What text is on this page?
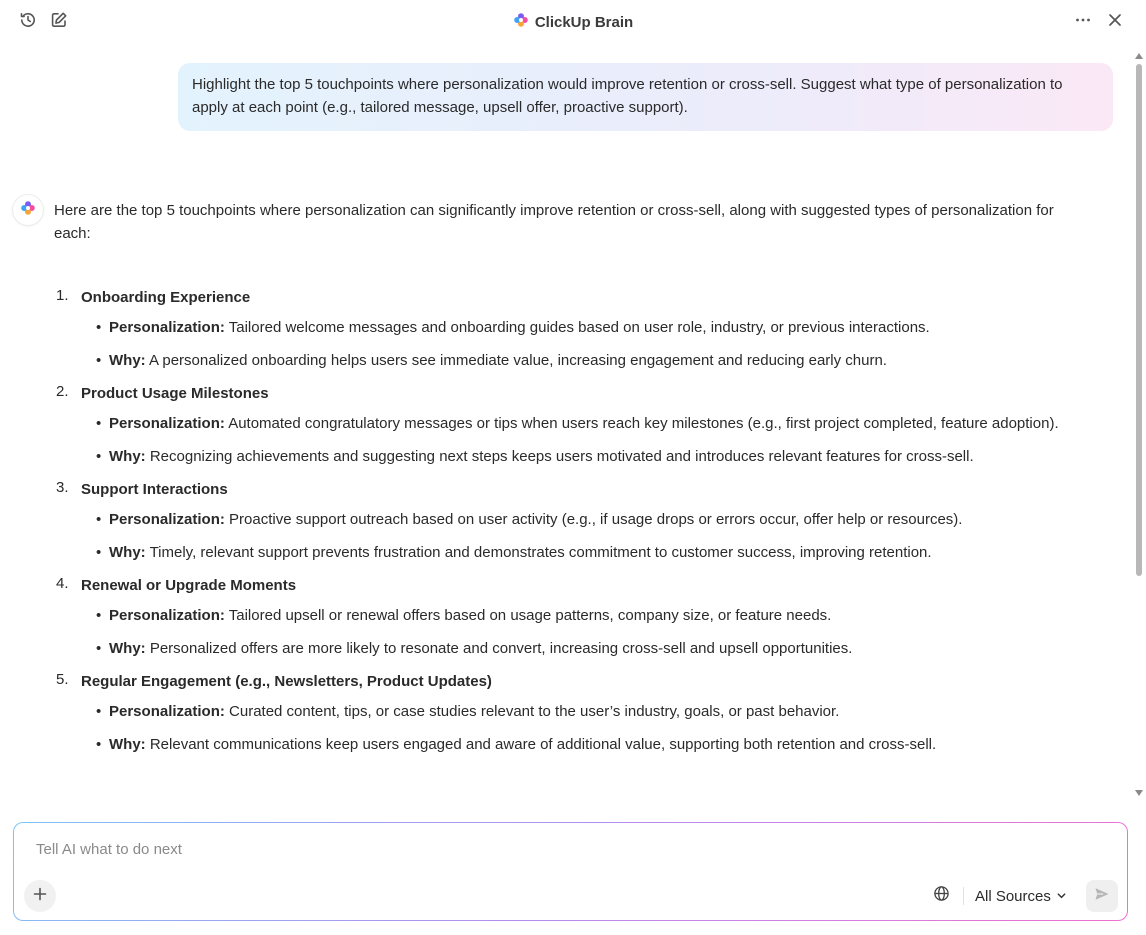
ClickUp Brain
Highlight the top 5 touchpoints where personalization would improve retention or cross-sell. Suggest what type of personalization to apply at each point (e.g., tailored message, upsell offer, proactive support).
Here are the top 5 touchpoints where personalization can significantly improve retention or cross-sell, along with suggested types of personalization for each:
1. Onboarding Experience
• Personalization: Tailored welcome messages and onboarding guides based on user role, industry, or previous interactions.
• Why: A personalized onboarding helps users see immediate value, increasing engagement and reducing early churn.
2. Product Usage Milestones
• Personalization: Automated congratulatory messages or tips when users reach key milestones (e.g., first project completed, feature adoption).
• Why: Recognizing achievements and suggesting next steps keeps users motivated and introduces relevant features for cross-sell.
3. Support Interactions
• Personalization: Proactive support outreach based on user activity (e.g., if usage drops or errors occur, offer help or resources).
• Why: Timely, relevant support prevents frustration and demonstrates commitment to customer success, improving retention.
4. Renewal or Upgrade Moments
• Personalization: Tailored upsell or renewal offers based on usage patterns, company size, or feature needs.
• Why: Personalized offers are more likely to resonate and convert, increasing cross-sell and upsell opportunities.
5. Regular Engagement (e.g., Newsletters, Product Updates)
• Personalization: Curated content, tips, or case studies relevant to the user’s industry, goals, or past behavior.
• Why: Relevant communications keep users engaged and aware of additional value, supporting both retention and cross-sell.
Tell AI what to do next
All Sources
